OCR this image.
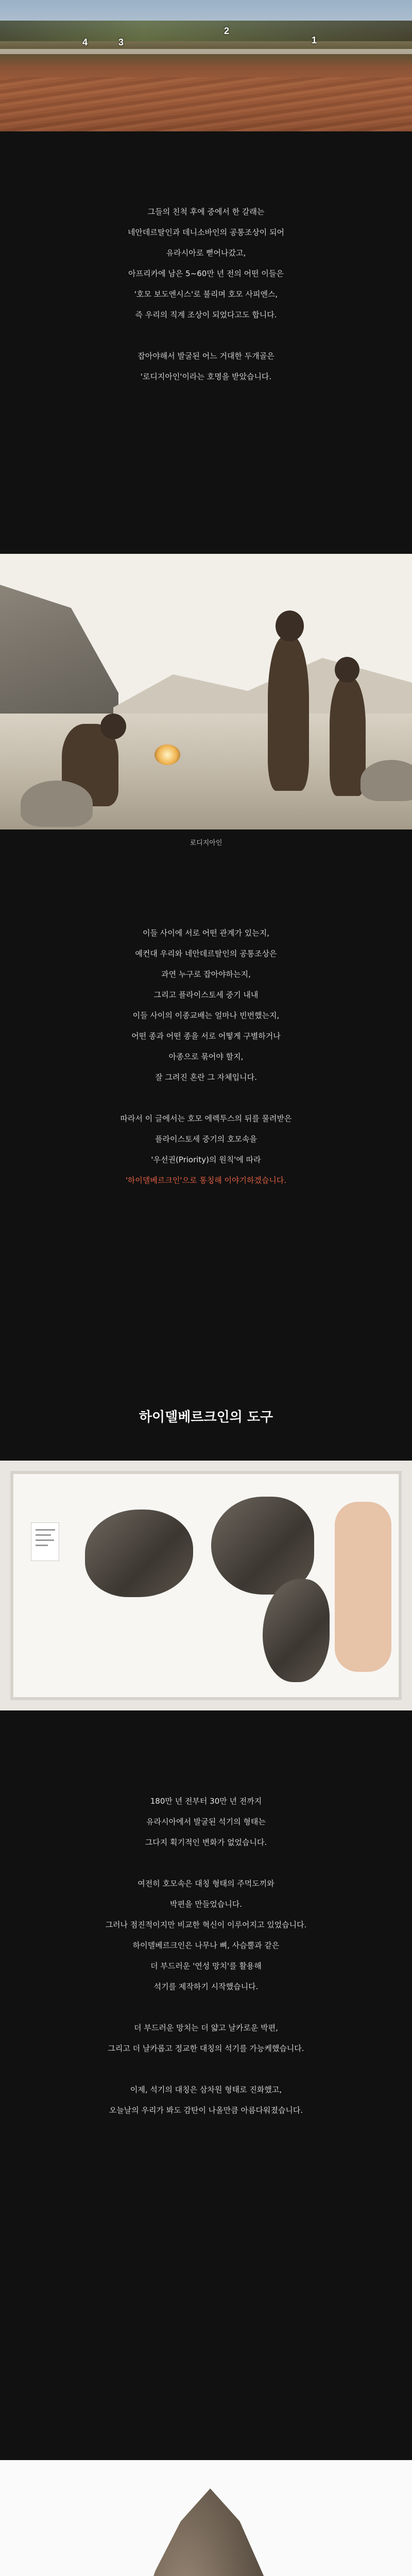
4	3
2
1

그들의 친척 후에 중에서 한 갈래는

네안데르탈인과 데니소바인의 공통조상이 되어

유라시아로 뻗어나갔고,

아프리카에 남은 5~60만 년 전의 어떤 이들은

'호모 보도엔시스'로 불리며 호모 사피엔스,

즉 우리의 직계 조상이 되었다고도 합니다.

잡아야해서 발굴된 어느 거대한 두개골은

'로디지아인'이라는 호명을 받았습니다.

로디지아인

이들 사이에 서로 어떤 관계가 있는지,

예컨대 우리와 네안데르탈인의 공통조상은

과연 누구로 잡아야하는지,

그리고 플라이스토세 중기 내내

이들 사이의 이종교배는 얼마나 빈번했는지,

어떤 종과 어떤 종을 서로 어떻게 구별하거나

아종으로 묶어야 할지,

잘 그려진 혼란 그 자체입니다.

따라서 이 글에서는 호모 에렉투스의 뒤를 물려받은

플라이스토세 중기의 호모속을

'우선권(Priority)의 원칙'에 따라

'하이델베르크인'으로 통칭해 이야기하겠습니다.

하이델베르크인의 도구

180만 년 전부터 30만 년 전까지

유라시아에서 발굴된 석기의 형태는

그다지 획기적인 변화가 없었습니다.

여전히 호모속은 대칭 형태의 주먹도끼와

박편을 만들었습니다.

그러나 점진적이지만 비교한 혁신이 이루어지고 있었습니다.

하이델베르크인은 나무나 뼈, 사슴뿔과 같은

더 부드러운 '연성 망치'를 활용해

석기를 제작하기 시작했습니다.

더 부드러운 망치는 더 얇고 날카로운 박편,

그리고 더 날카롭고 정교한 대칭의 석기를 가능케했습니다.

이제, 석기의 대칭은 삼차원 형태로 진화했고,

오늘날의 우리가 봐도 감탄이 나올만큼 아름다워졌습니다.
